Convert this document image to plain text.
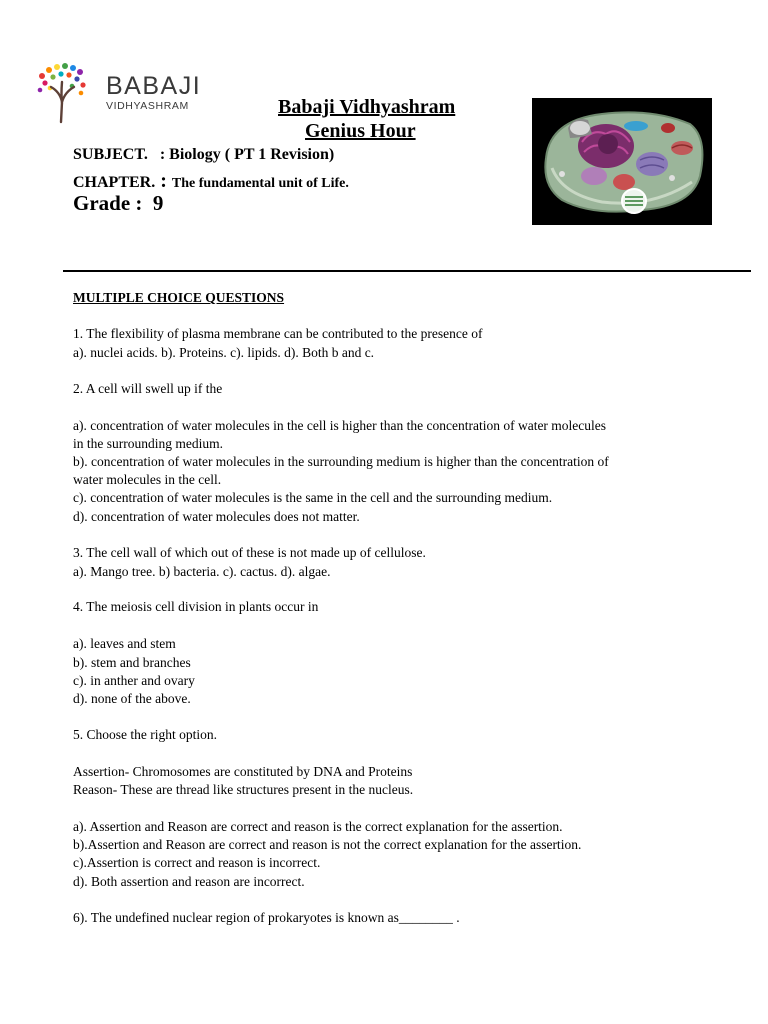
BABAJI
VIDHYASHRAM	Babaji Vidhyashram
Genius Hour
SUBJECT.   : Biology ( PT 1 Revision)
CHAPTER. : The fundamental unit of Life.
Grade :  9
MULTIPLE CHOICE QUESTIONS
1. The flexibility of plasma membrane can be contributed to the presence of
a). nuclei acids. b). Proteins. c). lipids. d). Both b and c.
2. A cell will swell up if the
a). concentration of water molecules in the cell is higher than the concentration of water molecules
in the surrounding medium.
b). concentration of water molecules in the surrounding medium is higher than the concentration of
water molecules in the cell.
c). concentration of water molecules is the same in the cell and the surrounding medium.
d). concentration of water molecules does not matter.
3. The cell wall of which out of these is not made up of cellulose.
a). Mango tree. b) bacteria. c). cactus. d). algae.
4. The meiosis cell division in plants occur in
a). leaves and stem
b). stem and branches
c). in anther and ovary
d). none of the above.
5. Choose the right option.
Assertion- Chromosomes are constituted by DNA and Proteins
Reason- These are thread like structures present in the nucleus.
a). Assertion and Reason are correct and reason is the correct explanation for the assertion.
b).Assertion and Reason are correct and reason is not the correct explanation for the assertion.
c).Assertion is correct and reason is incorrect.
d). Both assertion and reason are incorrect.
6). The undefined nuclear region of prokaryotes is known as________ .
